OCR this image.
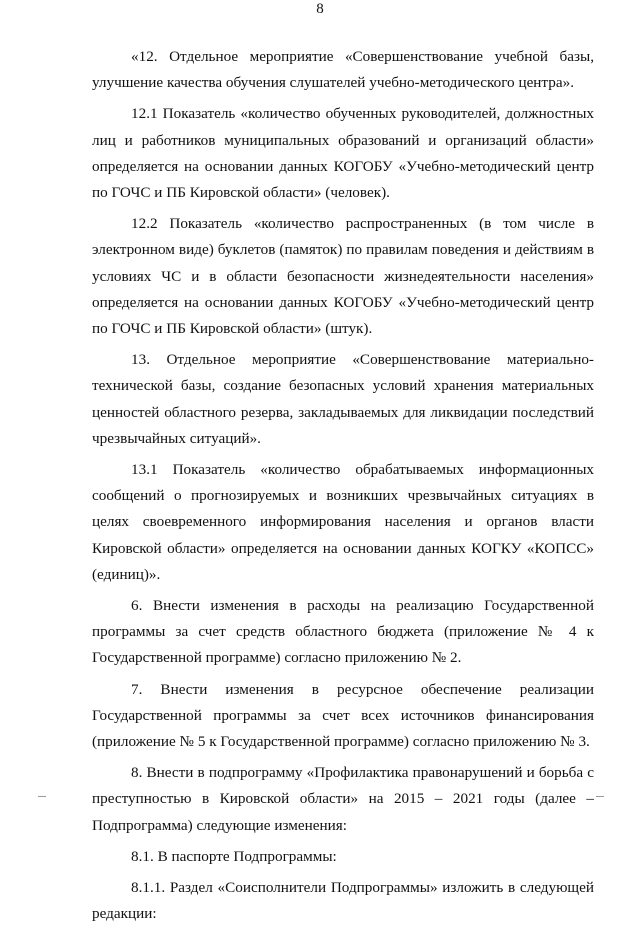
8

«12. Отдельное мероприятие «Совершенствование учебной базы, улучшение качества обучения слушателей учебно-методического центра».

12.1 Показатель «количество обученных руководителей, должностных лиц и работников муниципальных образований и организаций области» определяется на основании данных КОГОБУ «Учебно-методический центр по ГОЧС и ПБ Кировской области» (человек).

12.2 Показатель «количество распространенных (в том числе в электронном виде) буклетов (памяток) по правилам поведения и действиям в условиях ЧС и в области безопасности жизнедеятельности населения» определяется на основании данных КОГОБУ «Учебно-методический центр по ГОЧС и ПБ Кировской области» (штук).

13. Отдельное мероприятие «Совершенствование материально-технической базы, создание безопасных условий хранения материальных ценностей областного резерва, закладываемых для ликвидации последствий чрезвычайных ситуаций».

13.1 Показатель «количество обрабатываемых информационных сообщений о прогнозируемых и возникших чрезвычайных ситуациях в целях своевременного информирования населения и органов власти Кировской области» определяется на основании данных КОГКУ «КОПСС» (единиц)».

6. Внести изменения в расходы на реализацию Государственной программы за счет средств областного бюджета (приложение № 4 к Государственной программе) согласно приложению № 2.

7. Внести изменения в ресурсное обеспечение реализации Государственной программы за счет всех источников финансирования (приложение № 5 к Государственной программе) согласно приложению № 3.

8. Внести в подпрограмму «Профилактика правонарушений и борьба с преступностью в Кировской области» на 2015 – 2021 годы (далее – Подпрограмма) следующие изменения:

8.1. В паспорте Подпрограммы:

8.1.1. Раздел «Соисполнители Подпрограммы» изложить в следующей редакции:
